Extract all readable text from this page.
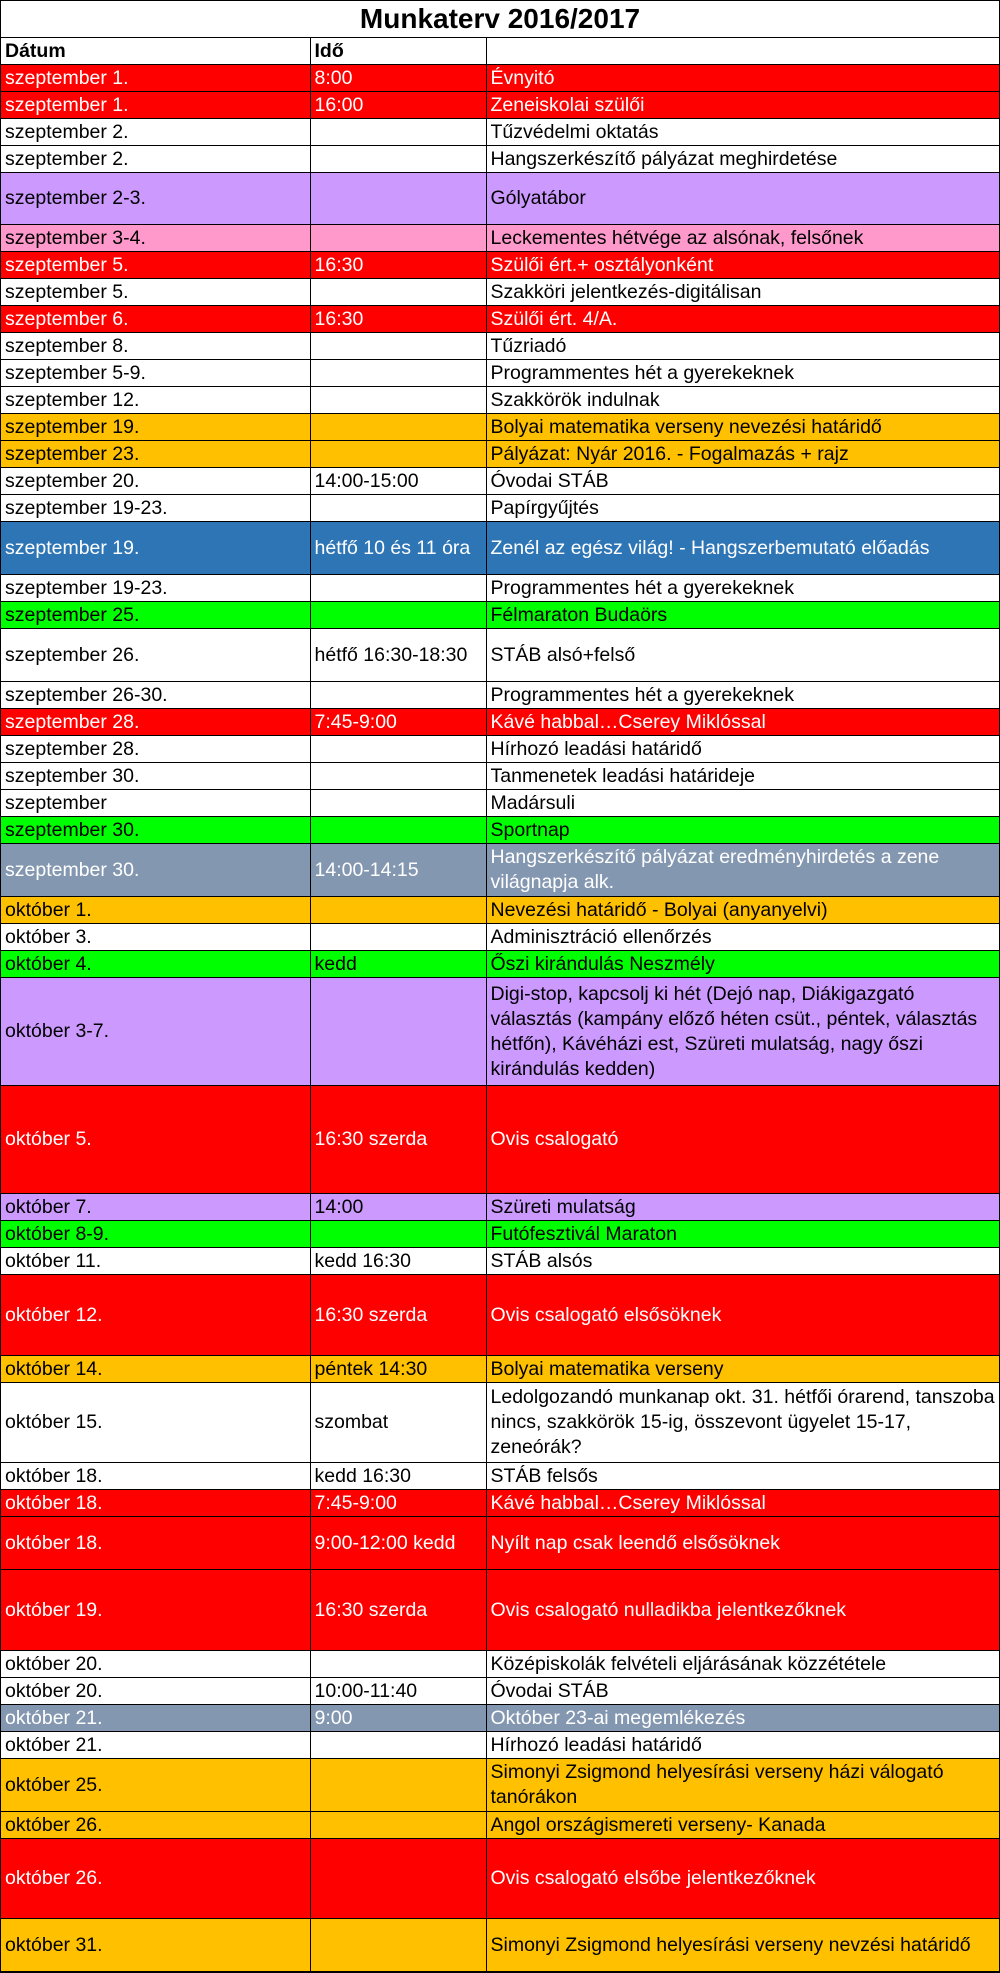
Munkaterv 2016/2017
Dátum	Idő	
szeptember 1.	8:00	Évnyitó
szeptember 1.	16:00	Zeneiskolai szülői
szeptember 2.		Tűzvédelmi oktatás
szeptember 2.		Hangszerkészítő pályázat meghirdetése
szeptember 2-3.		Gólyatábor
szeptember 3-4.		Leckementes hétvége az alsónak, felsőnek
szeptember 5.	16:30	Szülői ért.+ osztályonként
szeptember 5.		Szakköri jelentkezés-digitálisan
szeptember 6.	16:30	Szülői ért. 4/A.
szeptember 8.		Tűzriadó
szeptember 5-9.		Programmentes hét a gyerekeknek
szeptember 12.		Szakkörök indulnak
szeptember 19.		Bolyai matematika verseny nevezési határidő
szeptember 23.		Pályázat: Nyár 2016. - Fogalmazás + rajz
szeptember 20.	14:00-15:00	Óvodai STÁB
szeptember 19-23.		Papírgyűjtés
szeptember 19.	hétfő 10 és 11 óra	Zenél az egész világ! - Hangszerbemutató előadás
szeptember 19-23.		Programmentes hét a gyerekeknek
szeptember 25.		Félmaraton Budaörs
szeptember 26.	hétfő 16:30-18:30	STÁB alsó+felső
szeptember 26-30.		Programmentes hét a gyerekeknek
szeptember 28.	7:45-9:00	Kávé habbal…Cserey Miklóssal
szeptember 28.		Hírhozó leadási határidő
szeptember 30.		Tanmenetek leadási határideje
szeptember		Madársuli
szeptember 30.		Sportnap
szeptember 30.	14:00-14:15	Hangszerkészítő pályázat eredményhirdetés a zene világnapja alk.
október 1.		Nevezési határidő - Bolyai (anyanyelvi)
október 3.		Adminisztráció ellenőrzés
október 4.	kedd	Őszi kirándulás Neszmély
október 3-7.		Digi-stop, kapcsolj ki hét (Dejó nap, Diákigazgató választás (kampány előző héten csüt., péntek, választás hétfőn), Kávéházi est, Szüreti mulatság, nagy őszi kirándulás kedden)
október 5.	16:30 szerda	Ovis csalogató
október 7.	14:00	Szüreti mulatság
október 8-9.		Futófesztivál Maraton
október 11.	kedd 16:30	STÁB alsós
október 12.	16:30 szerda	Ovis csalogató elsősöknek
október 14.	péntek 14:30	Bolyai matematika verseny
október 15.	szombat	Ledolgozandó munkanap okt. 31. hétfői órarend, tanszoba nincs, szakkörök 15-ig, összevont ügyelet 15-17, zeneórák?
október 18.	kedd 16:30	STÁB felsős
október 18.	7:45-9:00	Kávé habbal…Cserey Miklóssal
október 18.	9:00-12:00 kedd	Nyílt nap csak leendő elsősöknek
október 19.	16:30 szerda	Ovis csalogató nulladikba jelentkezőknek
október 20.		Középiskolák felvételi eljárásának közzététele
október 20.	10:00-11:40	Óvodai STÁB
október 21.	9:00	Október 23-ai megemlékezés
október 21.		Hírhozó leadási határidő
október 25.		Simonyi Zsigmond helyesírási verseny házi válogató tanórákon
október 26.		Angol országismereti verseny- Kanada
október 26.		Ovis csalogató elsőbe jelentkezőknek
október 31.		Simonyi Zsigmond helyesírási verseny nevzési határidő
